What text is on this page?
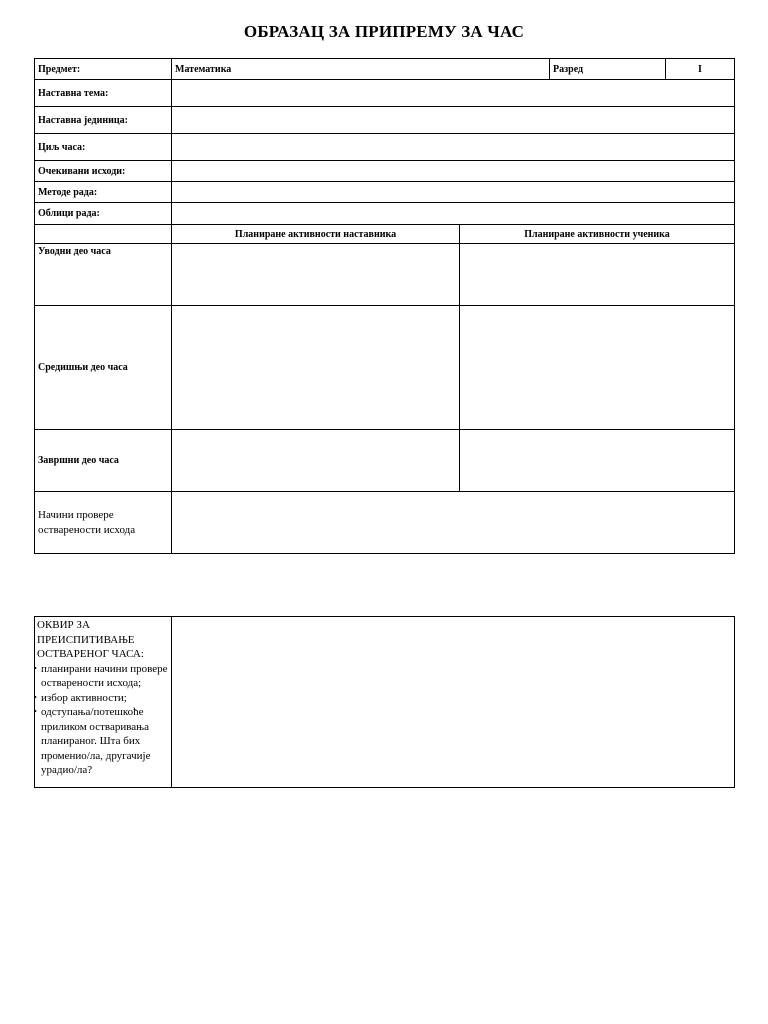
ОБРАЗАЦ ЗА ПРИПРЕМУ ЗА ЧАС
Предмет:	Математика		Разред	I
Наставна тема:				
Наставна јединица:				
Циљ часа:				
Очекивани исходи:				
Методе рада:				
Облици рада:				
	Планиране активности наставника	Планиране активности ученика		
Уводни део часа				
Средишњи део часа				
Завршни део часа				
Начини провере остварености исхода				
ОКВИР ЗА ПРЕИСПИТИВАЊЕ ОСТВАРЕНОГ ЧАСА:
• планирани начини провере остварености исхода;
• избор активности;
• одступања/потешкоће приликом остваривања планираног. Шта бих променио/ла, другачије урадио/ла?
